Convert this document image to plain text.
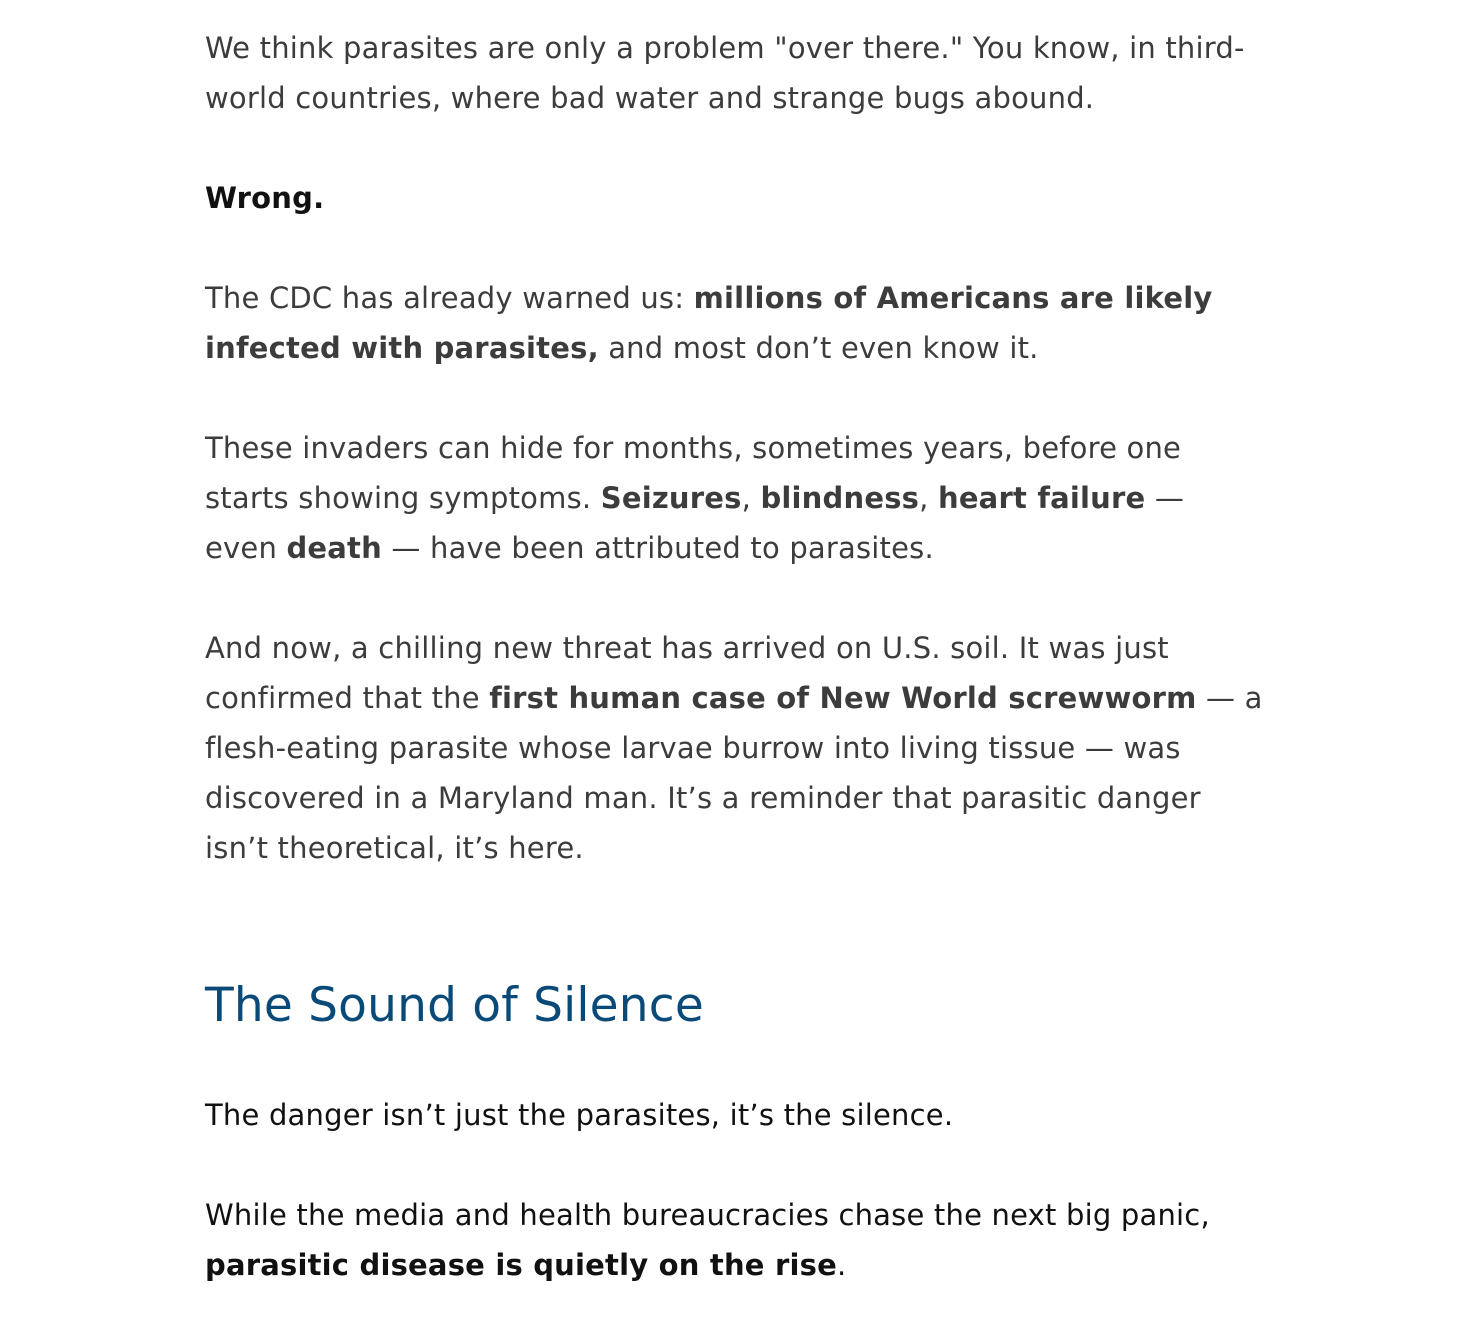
We think parasites are only a problem "over there." You know, in third-world countries, where bad water and strange bugs abound.

Wrong.

The CDC has already warned us: millions of Americans are likely infected with parasites, and most don’t even know it.

These invaders can hide for months, sometimes years, before one starts showing symptoms. Seizures, blindness, heart failure — even death — have been attributed to parasites.

And now, a chilling new threat has arrived on U.S. soil. It was just confirmed that the first human case of New World screwworm — a flesh-eating parasite whose larvae burrow into living tissue — was discovered in a Maryland man. It’s a reminder that parasitic danger isn’t theoretical, it’s here.

The Sound of Silence

The danger isn’t just the parasites, it’s the silence.

While the media and health bureaucracies chase the next big panic, parasitic disease is quietly on the rise.
